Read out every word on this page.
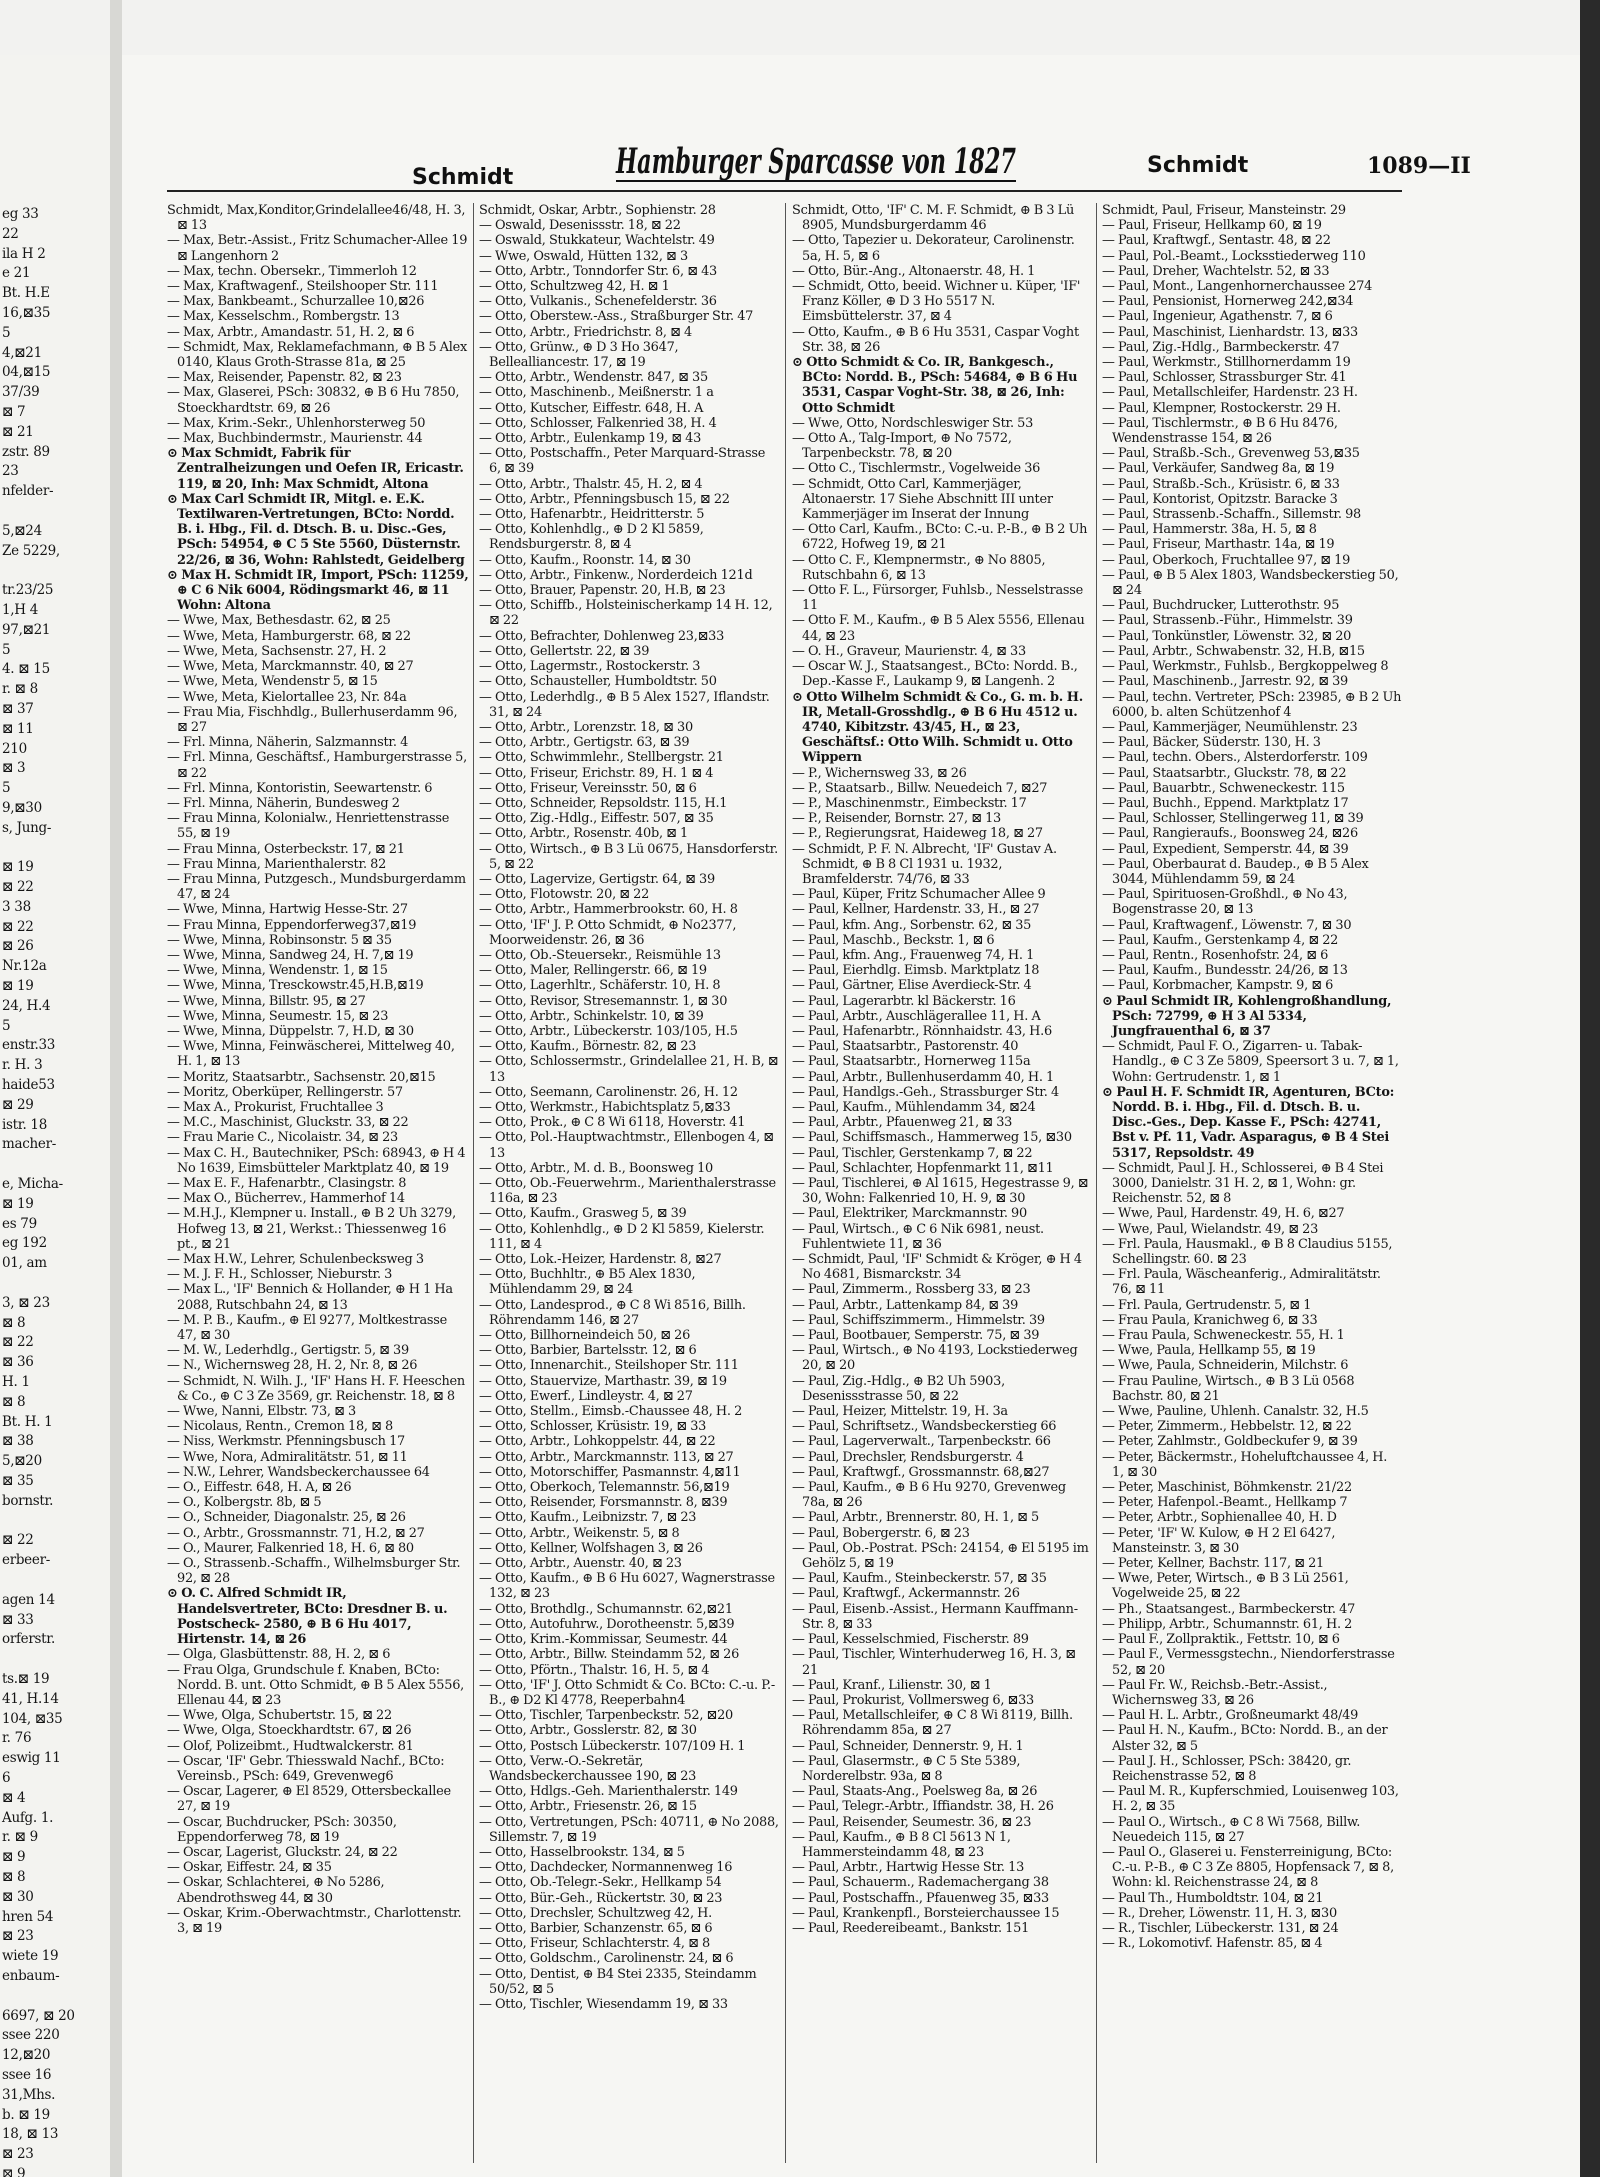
eg 33
22
ila H 2
e 21
Bt. H.E
16,⊠35
5
4,⊠21
04,⊠15
37/39
⊠ 7
⊠ 21
zstr. 89
23
nfelder-
5,⊠24
Ze 5229,
tr.23/25
1,H 4
97,⊠21
5
4. ⊠ 15
r. ⊠ 8
⊠ 37
⊠ 11
210
⊠ 3
5
9,⊠30
s, Jung-
⊠ 19
⊠ 22
3 38
⊠ 22
⊠ 26
Nr.12a
⊠ 19
24, H.4
5
enstr.33
r. H. 3
haide53
⊠ 29
istr. 18
macher-
e, Micha-
⊠ 19
es 79
eg 192
01, am
3, ⊠ 23
⊠ 8
⊠ 22
⊠ 36
H. 1
⊠ 8
Bt. H. 1
⊠ 38
5,⊠20
⊠ 35
bornstr.
⊠ 22
erbeer-
agen 14
⊠ 33
orferstr.
ts.⊠ 19
41, H.14
104, ⊠35
r. 76
eswig 11
6
⊠ 4
Aufg. 1.
r. ⊠ 9
⊠ 9
⊠ 8
⊠ 30
hren 54
⊠ 23
wiete 19
enbaum-
6697, ⊠ 20
ssee 220
12,⊠20
ssee 16
31,Mhs.
b. ⊠ 19
18, ⊠ 13
⊠ 23
⊠ 9
Schmidt	Hamburger Sparcasse von 1827	Schmidt	1089—II

Schmidt, Max,Konditor,Grindelallee46/48, H. 3, ⊠ 13

— Max, Betr.-Assist., Fritz Schumacher-Allee 19 ⊠ Langenhorn 2

— Max, techn. Obersekr., Timmerloh 12

— Max, Kraftwagenf., Steilshooper Str. 111

— Max, Bankbeamt., Schurzallee 10,⊠26

— Max, Kesselschm., Rombergstr. 13

— Max, Arbtr., Amandastr. 51, H. 2, ⊠ 6

— Schmidt, Max, Reklamefachmann, ⊕ B 5 Alex 0140, Klaus Groth-Strasse 81a, ⊠ 25

— Max, Reisender, Papenstr. 82, ⊠ 23

— Max, Glaserei, PSch: 30832, ⊕ B 6 Hu 7850, Stoeckhardtstr. 69, ⊠ 26

— Max, Krim.-Sekr., Uhlenhorsterweg 50

— Max, Buchbindermstr., Maurienstr. 44

⊙ Max Schmidt, Fabrik für Zentralheizungen und Oefen IR, Ericastr. 119, ⊠ 20, Inh: Max Schmidt, Altona

⊙ Max Carl Schmidt IR, Mitgl. e. E.K. Textilwaren-Vertretungen, BCto: Nordd. B. i. Hbg., Fil. d. Dtsch. B. u. Disc.-Ges, PSch: 54954, ⊕ C 5 Ste 5560, Düsternstr. 22/26, ⊠ 36, Wohn: Rahlstedt, Geidelberg

⊙ Max H. Schmidt IR, Import, PSch: 11259, ⊕ C 6 Nik 6004, Rödingsmarkt 46, ⊠ 11 Wohn: Altona

— Wwe, Max, Bethesdastr. 62, ⊠ 25

— Wwe, Meta, Hamburgerstr. 68, ⊠ 22

— Wwe, Meta, Sachsenstr. 27, H. 2

— Wwe, Meta, Marckmannstr. 40, ⊠ 27

— Wwe, Meta, Wendenstr 5, ⊠ 15

— Wwe, Meta, Kielortallee 23, Nr. 84a

— Frau Mia, Fischhdlg., Bullerhuserdamm 96, ⊠ 27

— Frl. Minna, Näherin, Salzmannstr. 4

— Frl. Minna, Geschäftsf., Hamburgerstrasse 5, ⊠ 22

— Frl. Minna, Kontoristin, Seewartenstr. 6

— Frl. Minna, Näherin, Bundesweg 2

— Frau Minna, Kolonialw., Henriettenstrasse 55, ⊠ 19

— Frau Minna, Osterbeckstr. 17, ⊠ 21

— Frau Minna, Marienthalerstr. 82

— Frau Minna, Putzgesch., Mundsburgerdamm 47, ⊠ 24

— Wwe, Minna, Hartwig Hesse-Str. 27

— Frau Minna, Eppendorferweg37,⊠19

— Wwe, Minna, Robinsonstr. 5 ⊠ 35

— Wwe, Minna, Sandweg 24, H. 7,⊠ 19

— Wwe, Minna, Wendenstr. 1, ⊠ 15

— Wwe, Minna, Tresckowstr.45,H.B,⊠19

— Wwe, Minna, Billstr. 95, ⊠ 27

— Wwe, Minna, Seumestr. 15, ⊠ 23

— Wwe, Minna, Düppelstr. 7, H.D, ⊠ 30

— Wwe, Minna, Feinwäscherei, Mittelweg 40, H. 1, ⊠ 13

— Moritz, Staatsarbtr., Sachsenstr. 20,⊠15

— Moritz, Oberküper, Rellingerstr. 57

— Max A., Prokurist, Fruchtallee 3

— M.C., Maschinist, Gluckstr. 33, ⊠ 22

— Frau Marie C., Nicolaistr. 34, ⊠ 23

— Max C. H., Bautechniker, PSch: 68943, ⊕ H 4 No 1639, Eimsbütteler Marktplatz 40, ⊠ 19

— Max E. F., Hafenarbtr., Clasingstr. 8

— Max O., Bücherrev., Hammerhof 14

— M.H.J., Klempner u. Install., ⊕ B 2 Uh 3279, Hofweg 13, ⊠ 21, Werkst.: Thiessenweg 16 pt., ⊠ 21

— Max H.W., Lehrer, Schulenbecksweg 3

— M. J. F. H., Schlosser, Nieburstr. 3

— Max L., 'IF' Bennich & Hollander, ⊕ H 1 Ha 2088, Rutschbahn 24, ⊠ 13

— M. P. B., Kaufm., ⊕ El 9277, Moltkestrasse 47, ⊠ 30

— M. W., Lederhdlg., Gertigstr. 5, ⊠ 39

— N., Wichernsweg 28, H. 2, Nr. 8, ⊠ 26

— Schmidt, N. Wilh. J., 'IF' Hans H. F. Heeschen & Co., ⊕ C 3 Ze 3569, gr. Reichenstr. 18, ⊠ 8

— Wwe, Nanni, Elbstr. 73, ⊠ 3

— Nicolaus, Rentn., Cremon 18, ⊠ 8

— Niss, Werkmstr. Pfenningsbusch 17

— Wwe, Nora, Admiralitätstr. 51, ⊠ 11

— N.W., Lehrer, Wandsbeckerchaussee 64

— O., Eiffestr. 648, H. A, ⊠ 26

— O., Kolbergstr. 8b, ⊠ 5

— O., Schneider, Diagonalstr. 25, ⊠ 26

— O., Arbtr., Grossmannstr. 71, H.2, ⊠ 27

— O., Maurer, Falkenried 18, H. 6, ⊠ 80

— O., Strassenb.-Schaffn., Wilhelmsburger Str. 92, ⊠ 28

⊙ O. C. Alfred Schmidt IR, Handelsvertreter, BCto: Dresdner B. u. Postscheck- 2580, ⊕ B 6 Hu 4017, Hirtenstr. 14, ⊠ 26

— Olga, Glasbüttenstr. 88, H. 2, ⊠ 6

— Frau Olga, Grundschule f. Knaben, BCto: Nordd. B. unt. Otto Schmidt, ⊕ B 5 Alex 5556, Ellenau 44, ⊠ 23

— Wwe, Olga, Schubertstr. 15, ⊠ 22

— Wwe, Olga, Stoeckhardtstr. 67, ⊠ 26

— Olof, Polizeibmt., Hudtwalckerstr. 81

— Oscar, 'IF' Gebr. Thiesswald Nachf., BCto: Vereinsb., PSch: 649, Grevenweg6

— Oscar, Lagerer, ⊕ El 8529, Ottersbeckallee 27, ⊠ 19

— Oscar, Buchdrucker, PSch: 30350, Eppendorferweg 78, ⊠ 19

— Oscar, Lagerist, Gluckstr. 24, ⊠ 22

— Oskar, Eiffestr. 24, ⊠ 35

— Oskar, Schlachterei, ⊕ No 5286, Abendrothsweg 44, ⊠ 30

— Oskar, Krim.-Oberwachtmstr., Charlottenstr. 3, ⊠ 19

Schmidt, Oskar, Arbtr., Sophienstr. 28

— Oswald, Desenissstr. 18, ⊠ 22

— Oswald, Stukkateur, Wachtelstr. 49

— Wwe, Oswald, Hütten 132, ⊠ 3

— Otto, Arbtr., Tonndorfer Str. 6, ⊠ 43

— Otto, Schultzweg 42, H. ⊠ 1

— Otto, Vulkanis., Schenefelderstr. 36

— Otto, Oberstew.-Ass., Straßburger Str. 47

— Otto, Arbtr., Friedrichstr. 8, ⊠ 4

— Otto, Grünw., ⊕ D 3 Ho 3647, Bellealliancestr. 17, ⊠ 19

— Otto, Arbtr., Wendenstr. 847, ⊠ 35

— Otto, Maschinenb., Meißnerstr. 1 a

— Otto, Kutscher, Eiffestr. 648, H. A

— Otto, Schlosser, Falkenried 38, H. 4

— Otto, Arbtr., Eulenkamp 19, ⊠ 43

— Otto, Postschaffn., Peter Marquard-Strasse 6, ⊠ 39

— Otto, Arbtr., Thalstr. 45, H. 2, ⊠ 4

— Otto, Arbtr., Pfenningsbusch 15, ⊠ 22

— Otto, Hafenarbtr., Heidritterstr. 5

— Otto, Kohlenhdlg., ⊕ D 2 Kl 5859, Rendsburgerstr. 8, ⊠ 4

— Otto, Kaufm., Roonstr. 14, ⊠ 30

— Otto, Arbtr., Finkenw., Norderdeich 121d

— Otto, Brauer, Papenstr. 20, H.B, ⊠ 23

— Otto, Schiffb., Holsteinischerkamp 14 H. 12, ⊠ 22

— Otto, Befrachter, Dohlenweg 23,⊠33

— Otto, Gellertstr. 22, ⊠ 39

— Otto, Lagermstr., Rostockerstr. 3

— Otto, Schausteller, Humboldtstr. 50

— Otto, Lederhdlg., ⊕ B 5 Alex 1527, Iflandstr. 31, ⊠ 24

— Otto, Arbtr., Lorenzstr. 18, ⊠ 30

— Otto, Arbtr., Gertigstr. 63, ⊠ 39

— Otto, Schwimmlehr., Stellbergstr. 21

— Otto, Friseur, Erichstr. 89, H. 1 ⊠ 4

— Otto, Friseur, Vereinsstr. 50, ⊠ 6

— Otto, Schneider, Repsoldstr. 115, H.1

— Otto, Zig.-Hdlg., Eiffestr. 507, ⊠ 35

— Otto, Arbtr., Rosenstr. 40b, ⊠ 1

— Otto, Wirtsch., ⊕ B 3 Lü 0675, Hansdorferstr. 5, ⊠ 22

— Otto, Lagervize, Gertigstr. 64, ⊠ 39

— Otto, Flotowstr. 20, ⊠ 22

— Otto, Arbtr., Hammerbrookstr. 60, H. 8

— Otto, 'IF' J. P. Otto Schmidt, ⊕ No2377, Moorweidenstr. 26, ⊠ 36

— Otto, Ob.-Steuersekr., Reismühle 13

— Otto, Maler, Rellingerstr. 66, ⊠ 19

— Otto, Lagerhltr., Schäferstr. 10, H. 8

— Otto, Revisor, Stresemannstr. 1, ⊠ 30

— Otto, Arbtr., Schinkelstr. 10, ⊠ 39

— Otto, Arbtr., Lübeckerstr. 103/105, H.5

— Otto, Kaufm., Börnestr. 82, ⊠ 23

— Otto, Schlossermstr., Grindelallee 21, H. B, ⊠ 13

— Otto, Seemann, Carolinenstr. 26, H. 12

— Otto, Werkmstr., Habichtsplatz 5,⊠33

— Otto, Prok., ⊕ C 8 Wi 6118, Hoverstr. 41

— Otto, Pol.-Hauptwachtmstr., Ellenbogen 4, ⊠ 13

— Otto, Arbtr., M. d. B., Boonsweg 10

— Otto, Ob.-Feuerwehrm., Marienthalerstrasse 116a, ⊠ 23

— Otto, Kaufm., Grasweg 5, ⊠ 39

— Otto, Kohlenhdlg., ⊕ D 2 Kl 5859, Kielerstr. 111, ⊠ 4

— Otto, Lok.-Heizer, Hardenstr. 8, ⊠27

— Otto, Buchhltr., ⊕ B5 Alex 1830, Mühlendamm 29, ⊠ 24

— Otto, Landesprod., ⊕ C 8 Wi 8516, Billh. Röhrendamm 146, ⊠ 27

— Otto, Billhorneindeich 50, ⊠ 26

— Otto, Barbier, Bartelsstr. 12, ⊠ 6

— Otto, Innenarchit., Steilshoper Str. 111

— Otto, Stauervize, Marthastr. 39, ⊠ 19

— Otto, Ewerf., Lindleystr. 4, ⊠ 27

— Otto, Stellm., Eimsb.-Chaussee 48, H. 2

— Otto, Schlosser, Krüsistr. 19, ⊠ 33

— Otto, Arbtr., Lohkoppelstr. 44, ⊠ 22

— Otto, Arbtr., Marckmannstr. 113, ⊠ 27

— Otto, Motorschiffer, Pasmannstr. 4,⊠11

— Otto, Oberkoch, Telemannstr. 56,⊠19

— Otto, Reisender, Forsmannstr. 8, ⊠39

— Otto, Kaufm., Leibnizstr. 7, ⊠ 23

— Otto, Arbtr., Weikenstr. 5, ⊠ 8

— Otto, Kellner, Wolfshagen 3, ⊠ 26

— Otto, Arbtr., Auenstr. 40, ⊠ 23

— Otto, Kaufm., ⊕ B 6 Hu 6027, Wagnerstrasse 132, ⊠ 23

— Otto, Brothdlg., Schumannstr. 62,⊠21

— Otto, Autofuhrw., Dorotheenstr. 5,⊠39

— Otto, Krim.-Kommissar, Seumestr. 44

— Otto, Arbtr., Billw. Steindamm 52, ⊠ 26

— Otto, Pförtn., Thalstr. 16, H. 5, ⊠ 4

— Otto, 'IF' J. Otto Schmidt & Co. BCto: C.-u. P.-B., ⊕ D2 Kl 4778, Reeperbahn4

— Otto, Tischler, Tarpenbeckstr. 52, ⊠20

— Otto, Arbtr., Gosslerstr. 82, ⊠ 30

— Otto, Postsch Lübeckerstr. 107/109 H. 1

— Otto, Verw.-O.-Sekretär, Wandsbeckerchaussee 190, ⊠ 23

— Otto, Hdlgs.-Geh. Marienthalerstr. 149

— Otto, Arbtr., Friesenstr. 26, ⊠ 15

— Otto, Vertretungen, PSch: 40711, ⊕ No 2088, Sillemstr. 7, ⊠ 19

— Otto, Hasselbrookstr. 134, ⊠ 5

— Otto, Dachdecker, Normannenweg 16

— Otto, Ob.-Telegr.-Sekr., Hellkamp 54

— Otto, Bür.-Geh., Rückertstr. 30, ⊠ 23

— Otto, Drechsler, Schultzweg 42, H.

— Otto, Barbier, Schanzenstr. 65, ⊠ 6

— Otto, Friseur, Schlachterstr. 4, ⊠ 8

— Otto, Goldschm., Carolinenstr. 24, ⊠ 6

— Otto, Dentist, ⊕ B4 Stei 2335, Steindamm 50/52, ⊠ 5

— Otto, Tischler, Wiesendamm 19, ⊠ 33

Schmidt, Otto, 'IF' C. M. F. Schmidt, ⊕ B 3 Lü 8905, Mundsburgerdamm 46

— Otto, Tapezier u. Dekorateur, Carolinenstr. 5a, H. 5, ⊠ 6

— Otto, Bür.-Ang., Altonaerstr. 48, H. 1

— Schmidt, Otto, beeid. Wichner u. Küper, 'IF' Franz Köller, ⊕ D 3 Ho 5517 N. Eimsbüttelerstr. 37, ⊠ 4

— Otto, Kaufm., ⊕ B 6 Hu 3531, Caspar Voght Str. 38, ⊠ 26

⊙ Otto Schmidt & Co. IR, Bankgesch., BCto: Nordd. B., PSch: 54684, ⊕ B 6 Hu 3531, Caspar Voght-Str. 38, ⊠ 26, Inh: Otto Schmidt

— Wwe, Otto, Nordschleswiger Str. 53

— Otto A., Talg-Import, ⊕ No 7572, Tarpenbeckstr. 78, ⊠ 20

— Otto C., Tischlermstr., Vogelweide 36

— Schmidt, Otto Carl, Kammerjäger, Altonaerstr. 17 Siehe Abschnitt III unter Kammerjäger im Inserat der Innung

— Otto Carl, Kaufm., BCto: C.-u. P.-B., ⊕ B 2 Uh 6722, Hofweg 19, ⊠ 21

— Otto C. F., Klempnermstr., ⊕ No 8805, Rutschbahn 6, ⊠ 13

— Otto F. L., Fürsorger, Fuhlsb., Nesselstrasse 11

— Otto F. M., Kaufm., ⊕ B 5 Alex 5556, Ellenau 44, ⊠ 23

— O. H., Graveur, Maurienstr. 4, ⊠ 33

— Oscar W. J., Staatsangest., BCto: Nordd. B., Dep.-Kasse F., Laukamp 9, ⊠ Langenh. 2

⊙ Otto Wilhelm Schmidt & Co., G. m. b. H. IR, Metall-Grosshdlg., ⊕ B 6 Hu 4512 u. 4740, Kibitzstr. 43/45, H., ⊠ 23, Geschäftsf.: Otto Wilh. Schmidt u. Otto Wippern

— P., Wichernsweg 33, ⊠ 26

— P., Staatsarb., Billw. Neuedeich 7, ⊠27

— P., Maschinenmstr., Eimbeckstr. 17

— P., Reisender, Bornstr. 27, ⊠ 13

— P., Regierungsrat, Haideweg 18, ⊠ 27

— Schmidt, P. F. N. Albrecht, 'IF' Gustav A. Schmidt, ⊕ B 8 Cl 1931 u. 1932, Bramfelderstr. 74/76, ⊠ 33

— Paul, Küper, Fritz Schumacher Allee 9

— Paul, Kellner, Hardenstr. 33, H., ⊠ 27

— Paul, kfm. Ang., Sorbenstr. 62, ⊠ 35

— Paul, Maschb., Beckstr. 1, ⊠ 6

— Paul, kfm. Ang., Frauenweg 74, H. 1

— Paul, Eierhdlg. Eimsb. Marktplatz 18

— Paul, Gärtner, Elise Averdieck-Str. 4

— Paul, Lagerarbtr. kl Bäckerstr. 16

— Paul, Arbtr., Auschlägerallee 11, H. A

— Paul, Hafenarbtr., Rönnhaidstr. 43, H.6

— Paul, Staatsarbtr., Pastorenstr. 40

— Paul, Staatsarbtr., Hornerweg 115a

— Paul, Arbtr., Bullenhuserdamm 40, H. 1

— Paul, Handlgs.-Geh., Strassburger Str. 4

— Paul, Kaufm., Mühlendamm 34, ⊠24

— Paul, Arbtr., Pfauenweg 21, ⊠ 33

— Paul, Schiffsmasch., Hammerweg 15, ⊠30

— Paul, Tischler, Gerstenkamp 7, ⊠ 22

— Paul, Schlachter, Hopfenmarkt 11, ⊠11

— Paul, Tischlerei, ⊕ Al 1615, Hegestrasse 9, ⊠ 30, Wohn: Falkenried 10, H. 9, ⊠ 30

— Paul, Elektriker, Marckmannstr. 90

— Paul, Wirtsch., ⊕ C 6 Nik 6981, neust. Fuhlentwiete 11, ⊠ 36

— Schmidt, Paul, 'IF' Schmidt & Kröger, ⊕ H 4 No 4681, Bismarckstr. 34

— Paul, Zimmerm., Rossberg 33, ⊠ 23

— Paul, Arbtr., Lattenkamp 84, ⊠ 39

— Paul, Schiffszimmerm., Himmelstr. 39

— Paul, Bootbauer, Semperstr. 75, ⊠ 39

— Paul, Wirtsch., ⊕ No 4193, Lockstiederweg 20, ⊠ 20

— Paul, Zig.-Hdlg., ⊕ B2 Uh 5903, Desenissstrasse 50, ⊠ 22

— Paul, Heizer, Mittelstr. 19, H. 3a

— Paul, Schriftsetz., Wandsbeckerstieg 66

— Paul, Lagerverwalt., Tarpenbeckstr. 66

— Paul, Drechsler, Rendsburgerstr. 4

— Paul, Kraftwgf., Grossmannstr. 68,⊠27

— Paul, Kaufm., ⊕ B 6 Hu 9270, Grevenweg 78a, ⊠ 26

— Paul, Arbtr., Brennerstr. 80, H. 1, ⊠ 5

— Paul, Bobergerstr. 6, ⊠ 23

— Paul, Ob.-Postrat. PSch: 24154, ⊕ El 5195 im Gehölz 5, ⊠ 19

— Paul, Kaufm., Steinbeckerstr. 57, ⊠ 35

— Paul, Kraftwgf., Ackermannstr. 26

— Paul, Eisenb.-Assist., Hermann Kauffmann-Str. 8, ⊠ 33

— Paul, Kesselschmied, Fischerstr. 89

— Paul, Tischler, Winterhuderweg 16, H. 3, ⊠ 21

— Paul, Kranf., Lilienstr. 30, ⊠ 1

— Paul, Prokurist, Vollmersweg 6, ⊠33

— Paul, Metallschleifer, ⊕ C 8 Wi 8119, Billh. Röhrendamm 85a, ⊠ 27

— Paul, Schneider, Dennerstr. 9, H. 1

— Paul, Glasermstr., ⊕ C 5 Ste 5389, Norderelbstr. 93a, ⊠ 8

— Paul, Staats-Ang., Poelsweg 8a, ⊠ 26

— Paul, Telegr.-Arbtr., Iffiandstr. 38, H. 26

— Paul, Reisender, Seumestr. 36, ⊠ 23

— Paul, Kaufm., ⊕ B 8 Cl 5613 N 1, Hammersteindamm 48, ⊠ 23

— Paul, Arbtr., Hartwig Hesse Str. 13

— Paul, Schauerm., Rademachergang 38

— Paul, Postschaffn., Pfauenweg 35, ⊠33

— Paul, Krankenpfl., Borsteierchaussee 15

— Paul, Reedereibeamt., Bankstr. 151

Schmidt, Paul, Friseur, Mansteinstr. 29

— Paul, Friseur, Hellkamp 60, ⊠ 19

— Paul, Kraftwgf., Sentastr. 48, ⊠ 22

— Paul, Pol.-Beamt., Locksstiederweg 110

— Paul, Dreher, Wachtelstr. 52, ⊠ 33

— Paul, Mont., Langenhornerchaussee 274

— Paul, Pensionist, Hornerweg 242,⊠34

— Paul, Ingenieur, Agathenstr. 7, ⊠ 6

— Paul, Maschinist, Lienhardstr. 13, ⊠33

— Paul, Zig.-Hdlg., Barmbeckerstr. 47

— Paul, Werkmstr., Stillhornerdamm 19

— Paul, Schlosser, Strassburger Str. 41

— Paul, Metallschleifer, Hardenstr. 23 H.

— Paul, Klempner, Rostockerstr. 29 H.

— Paul, Tischlermstr., ⊕ B 6 Hu 8476, Wendenstrasse 154, ⊠ 26

— Paul, Straßb.-Sch., Grevenweg 53,⊠35

— Paul, Verkäufer, Sandweg 8a, ⊠ 19

— Paul, Straßb.-Sch., Krüsistr. 6, ⊠ 33

— Paul, Kontorist, Opitzstr. Baracke 3

— Paul, Strassenb.-Schaffn., Sillemstr. 98

— Paul, Hammerstr. 38a, H. 5, ⊠ 8

— Paul, Friseur, Marthastr. 14a, ⊠ 19

— Paul, Oberkoch, Fruchtallee 97, ⊠ 19

— Paul, ⊕ B 5 Alex 1803, Wandsbeckerstieg 50, ⊠ 24

— Paul, Buchdrucker, Lutterothstr. 95

— Paul, Strassenb.-Führ., Himmelstr. 39

— Paul, Tonkünstler, Löwenstr. 32, ⊠ 20

— Paul, Arbtr., Schwabenstr. 32, H.B, ⊠15

— Paul, Werkmstr., Fuhlsb., Bergkoppelweg 8

— Paul, Maschinenb., Jarrestr. 92, ⊠ 39

— Paul, techn. Vertreter, PSch: 23985, ⊕ B 2 Uh 6000, b. alten Schützenhof 4

— Paul, Kammerjäger, Neumühlenstr. 23

— Paul, Bäcker, Süderstr. 130, H. 3

— Paul, techn. Obers., Alsterdorferstr. 109

— Paul, Staatsarbtr., Gluckstr. 78, ⊠ 22

— Paul, Bauarbtr., Schweneckestr. 115

— Paul, Buchh., Eppend. Marktplatz 17

— Paul, Schlosser, Stellingerweg 11, ⊠ 39

— Paul, Rangieraufs., Boonsweg 24, ⊠26

— Paul, Expedient, Semperstr. 44, ⊠ 39

— Paul, Oberbaurat d. Baudep., ⊕ B 5 Alex 3044, Mühlendamm 59, ⊠ 24

— Paul, Spirituosen-Großhdl., ⊕ No 43, Bogenstrasse 20, ⊠ 13

— Paul, Kraftwagenf., Löwenstr. 7, ⊠ 30

— Paul, Kaufm., Gerstenkamp 4, ⊠ 22

— Paul, Rentn., Rosenhofstr. 24, ⊠ 6

— Paul, Kaufm., Bundesstr. 24/26, ⊠ 13

— Paul, Korbmacher, Kampstr. 9, ⊠ 6

⊙ Paul Schmidt IR, Kohlengroßhandlung, PSch: 72799, ⊕ H 3 Al 5334, Jungfrauenthal 6, ⊠ 37

— Schmidt, Paul F. O., Zigarren- u. Tabak-Handlg., ⊕ C 3 Ze 5809, Speersort 3 u. 7, ⊠ 1, Wohn: Gertrudenstr. 1, ⊠ 1

⊙ Paul H. F. Schmidt IR, Agenturen, BCto: Nordd. B. i. Hbg., Fil. d. Dtsch. B. u. Disc.-Ges., Dep. Kasse F., PSch: 42741, Bst v. Pf. 11, Vadr. Asparagus, ⊕ B 4 Stei 5317, Repsoldstr. 49

— Schmidt, Paul J. H., Schlosserei, ⊕ B 4 Stei 3000, Danielstr. 31 H. 2, ⊠ 1, Wohn: gr. Reichenstr. 52, ⊠ 8

— Wwe, Paul, Hardenstr. 49, H. 6, ⊠27

— Wwe, Paul, Wielandstr. 49, ⊠ 23

— Frl. Paula, Hausmakl., ⊕ B 8 Claudius 5155, Schellingstr. 60. ⊠ 23

— Frl. Paula, Wäscheanferig., Admiralitätstr. 76, ⊠ 11

— Frl. Paula, Gertrudenstr. 5, ⊠ 1

— Frau Paula, Kranichweg 6, ⊠ 33

— Frau Paula, Schweneckestr. 55, H. 1

— Wwe, Paula, Hellkamp 55, ⊠ 19

— Wwe, Paula, Schneiderin, Milchstr. 6

— Frau Pauline, Wirtsch., ⊕ B 3 Lü 0568 Bachstr. 80, ⊠ 21

— Wwe, Pauline, Uhlenh. Canalstr. 32, H.5

— Peter, Zimmerm., Hebbelstr. 12, ⊠ 22

— Peter, Zahlmstr., Goldbeckufer 9, ⊠ 39

— Peter, Bäckermstr., Hoheluftchaussee 4, H. 1, ⊠ 30

— Peter, Maschinist, Böhmkenstr. 21/22

— Peter, Hafenpol.-Beamt., Hellkamp 7

— Peter, Arbtr., Sophienallee 40, H. D

— Peter, 'IF' W. Kulow, ⊕ H 2 El 6427, Mansteinstr. 3, ⊠ 30

— Peter, Kellner, Bachstr. 117, ⊠ 21

— Wwe, Peter, Wirtsch., ⊕ B 3 Lü 2561, Vogelweide 25, ⊠ 22

— Ph., Staatsangest., Barmbeckerstr. 47

— Philipp, Arbtr., Schumannstr. 61, H. 2

— Paul F., Zollpraktik., Fettstr. 10, ⊠ 6

— Paul F., Vermessgstechn., Niendorferstrasse 52, ⊠ 20

— Paul Fr. W., Reichsb.-Betr.-Assist., Wichernsweg 33, ⊠ 26

— Paul H. L. Arbtr., Großneumarkt 48/49

— Paul H. N., Kaufm., BCto: Nordd. B., an der Alster 32, ⊠ 5

— Paul J. H., Schlosser, PSch: 38420, gr. Reichenstrasse 52, ⊠ 8

— Paul M. R., Kupferschmied, Louisenweg 103, H. 2, ⊠ 35

— Paul O., Wirtsch., ⊕ C 8 Wi 7568, Billw. Neuedeich 115, ⊠ 27

— Paul O., Glaserei u. Fensterreinigung, BCto: C.-u. P.-B., ⊕ C 3 Ze 8805, Hopfensack 7, ⊠ 8, Wohn: kl. Reichenstrasse 24, ⊠ 8

— Paul Th., Humboldtstr. 104, ⊠ 21

— R., Dreher, Löwenstr. 11, H. 3, ⊠30

— R., Tischler, Lübeckerstr. 131, ⊠ 24

— R., Lokomotivf. Hafenstr. 85, ⊠ 4
